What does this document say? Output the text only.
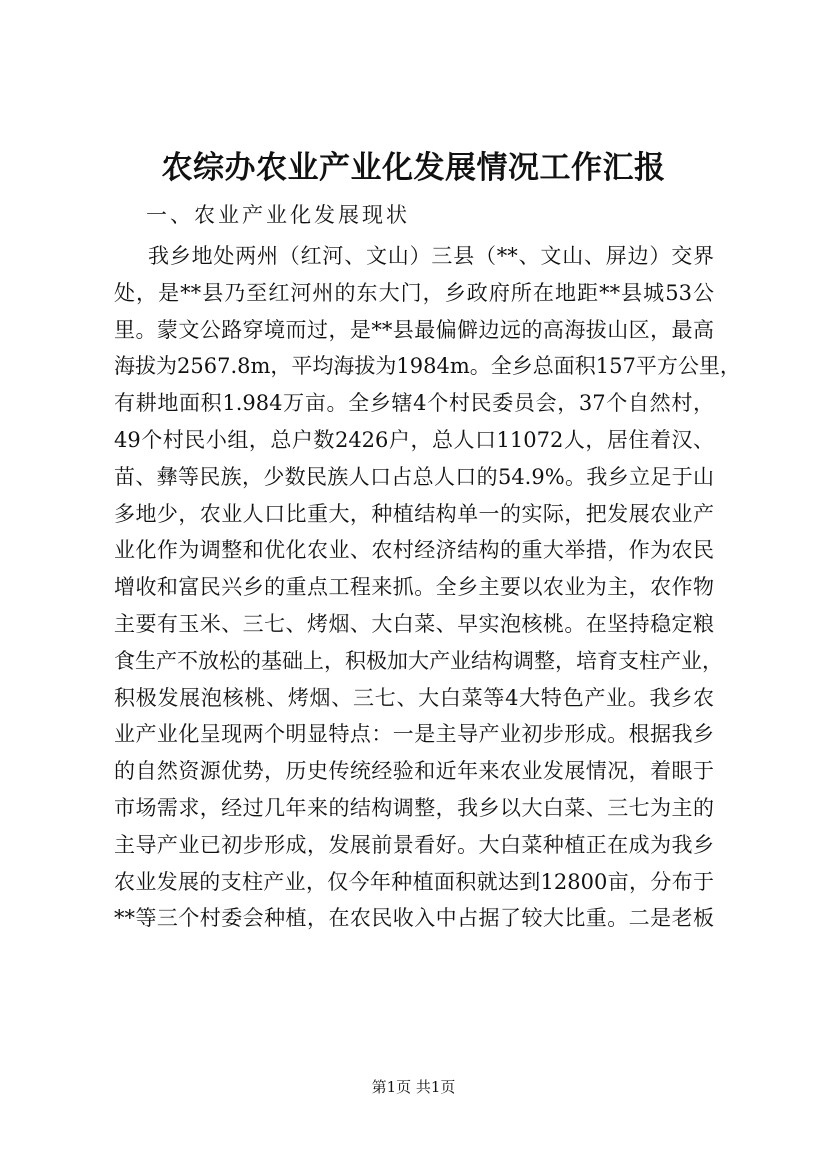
农综办农业产业化发展情况工作汇报
一、农业产业化发展现状
我乡地处两州（红河、文山）三县（**、文山、屏边）交界
处，是**县乃至红河州的东大门，乡政府所在地距**县城53公
里。蒙文公路穿境而过，是**县最偏僻边远的高海拔山区，最高
海拔为2567.8m，平均海拔为1984m。全乡总面积157平方公里，
有耕地面积1.984万亩。全乡辖4个村民委员会，37个自然村，
49个村民小组，总户数2426户，总人口11072人，居住着汉、
苗、彝等民族，少数民族人口占总人口的54.9%。我乡立足于山
多地少，农业人口比重大，种植结构单一的实际，把发展农业产
业化作为调整和优化农业、农村经济结构的重大举措，作为农民
增收和富民兴乡的重点工程来抓。全乡主要以农业为主，农作物
主要有玉米、三七、烤烟、大白菜、早实泡核桃。在坚持稳定粮
食生产不放松的基础上，积极加大产业结构调整，培育支柱产业，
积极发展泡核桃、烤烟、三七、大白菜等4大特色产业。我乡农
业产业化呈现两个明显特点：一是主导产业初步形成。根据我乡
的自然资源优势，历史传统经验和近年来农业发展情况，着眼于
市场需求，经过几年来的结构调整，我乡以大白菜、三七为主的
主导产业已初步形成，发展前景看好。大白菜种植正在成为我乡
农业发展的支柱产业，仅今年种植面积就达到12800亩，分布于
**等三个村委会种植，在农民收入中占据了较大比重。二是老板
第1页 共1页
